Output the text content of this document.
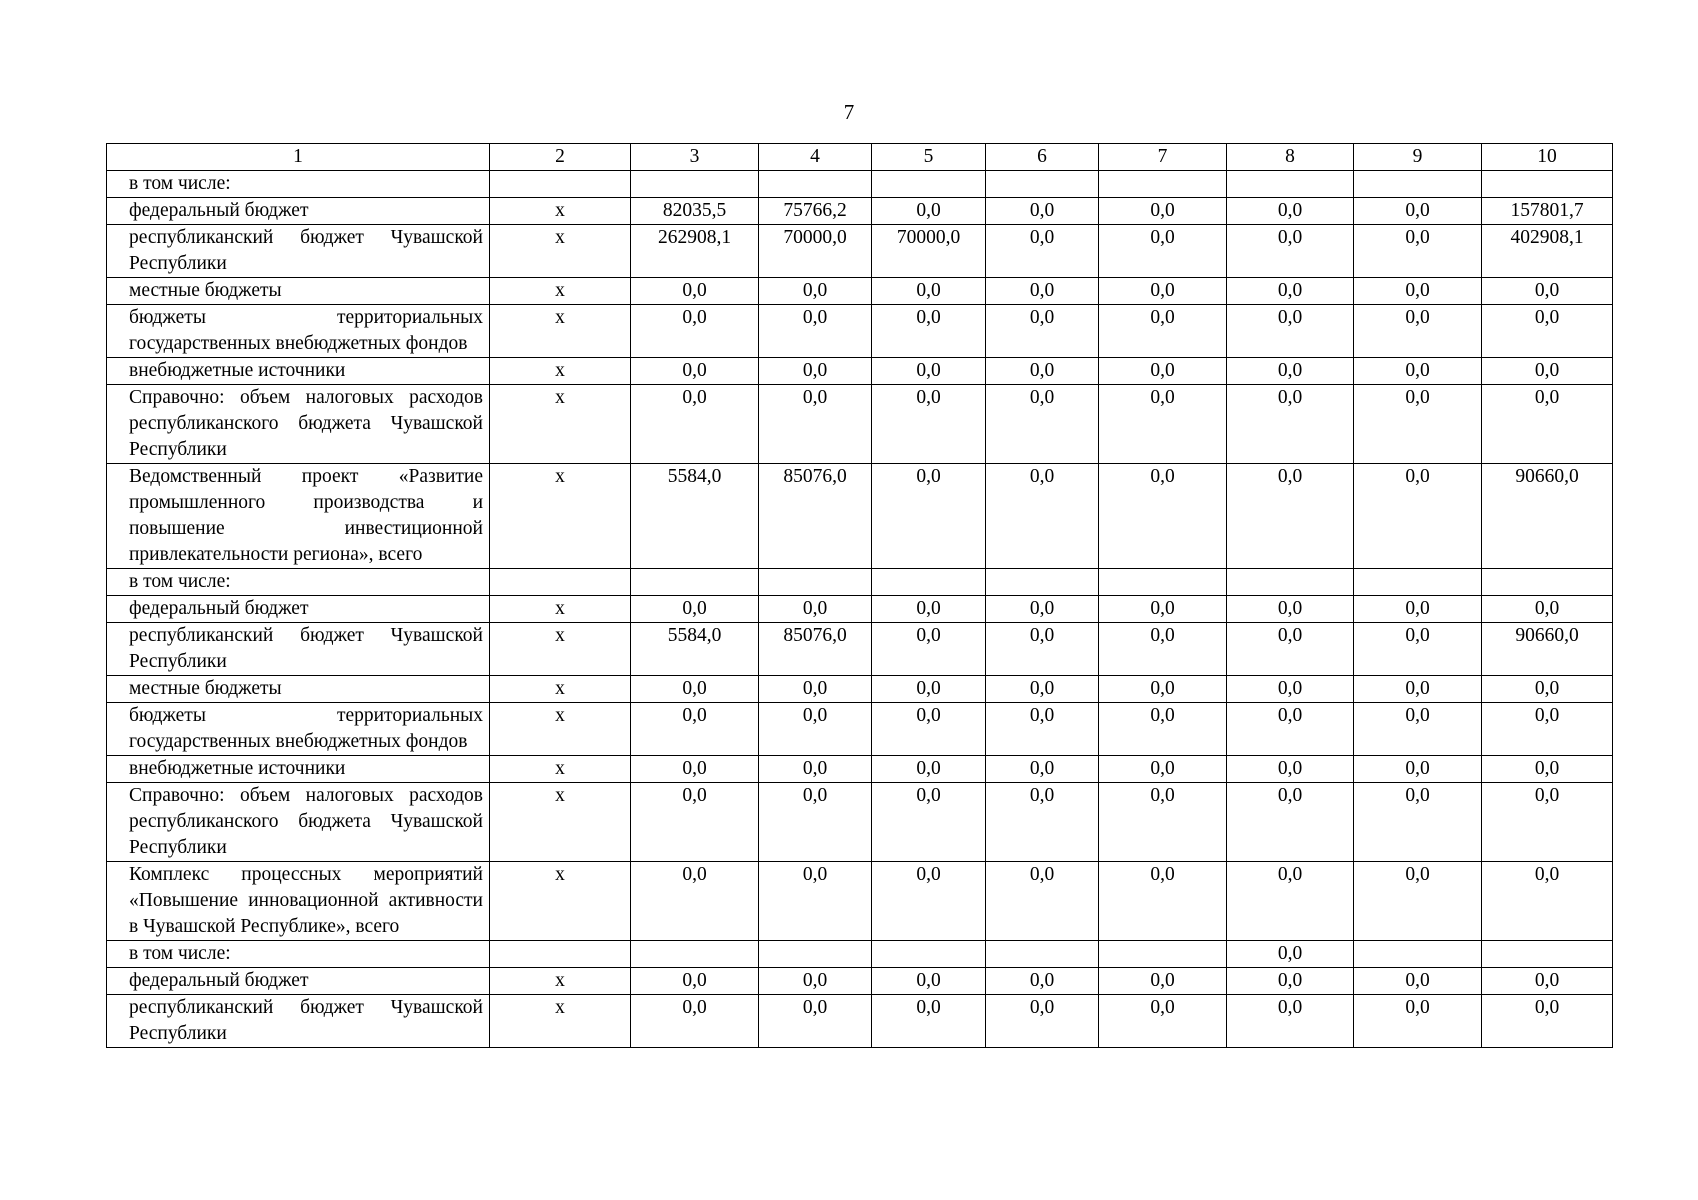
7
1	2	3	4	5	6	7	8	9	10
в том числе:									
федеральный бюджет	x	82035,5	75766,2	0,0	0,0	0,0	0,0	0,0	157801,7
республиканский бюджет Чувашской Республики	x	262908,1	70000,0	70000,0	0,0	0,0	0,0	0,0	402908,1
местные бюджеты	x	0,0	0,0	0,0	0,0	0,0	0,0	0,0	0,0
бюджеты территориальных государственных внебюджетных фондов	x	0,0	0,0	0,0	0,0	0,0	0,0	0,0	0,0
внебюджетные источники	x	0,0	0,0	0,0	0,0	0,0	0,0	0,0	0,0
Справочно: объем налоговых расходов республиканского бюджета Чувашской Республики	x	0,0	0,0	0,0	0,0	0,0	0,0	0,0	0,0
Ведомственный проект «Развитие промышленного производства и повышение инвестиционной привлекательности региона», всего	x	5584,0	85076,0	0,0	0,0	0,0	0,0	0,0	90660,0
в том числе:									
федеральный бюджет	x	0,0	0,0	0,0	0,0	0,0	0,0	0,0	0,0
республиканский бюджет Чувашской Республики	x	5584,0	85076,0	0,0	0,0	0,0	0,0	0,0	90660,0
местные бюджеты	x	0,0	0,0	0,0	0,0	0,0	0,0	0,0	0,0
бюджеты территориальных государственных внебюджетных фондов	x	0,0	0,0	0,0	0,0	0,0	0,0	0,0	0,0
внебюджетные источники	x	0,0	0,0	0,0	0,0	0,0	0,0	0,0	0,0
Справочно: объем налоговых расходов республиканского бюджета Чувашской Республики	x	0,0	0,0	0,0	0,0	0,0	0,0	0,0	0,0
Комплекс процессных мероприятий «Повышение инновационной активности в Чувашской Республике», всего	x	0,0	0,0	0,0	0,0	0,0	0,0	0,0	0,0
в том числе:							0,0		
федеральный бюджет	x	0,0	0,0	0,0	0,0	0,0	0,0	0,0	0,0
республиканский бюджет Чувашской Республики	x	0,0	0,0	0,0	0,0	0,0	0,0	0,0	0,0
